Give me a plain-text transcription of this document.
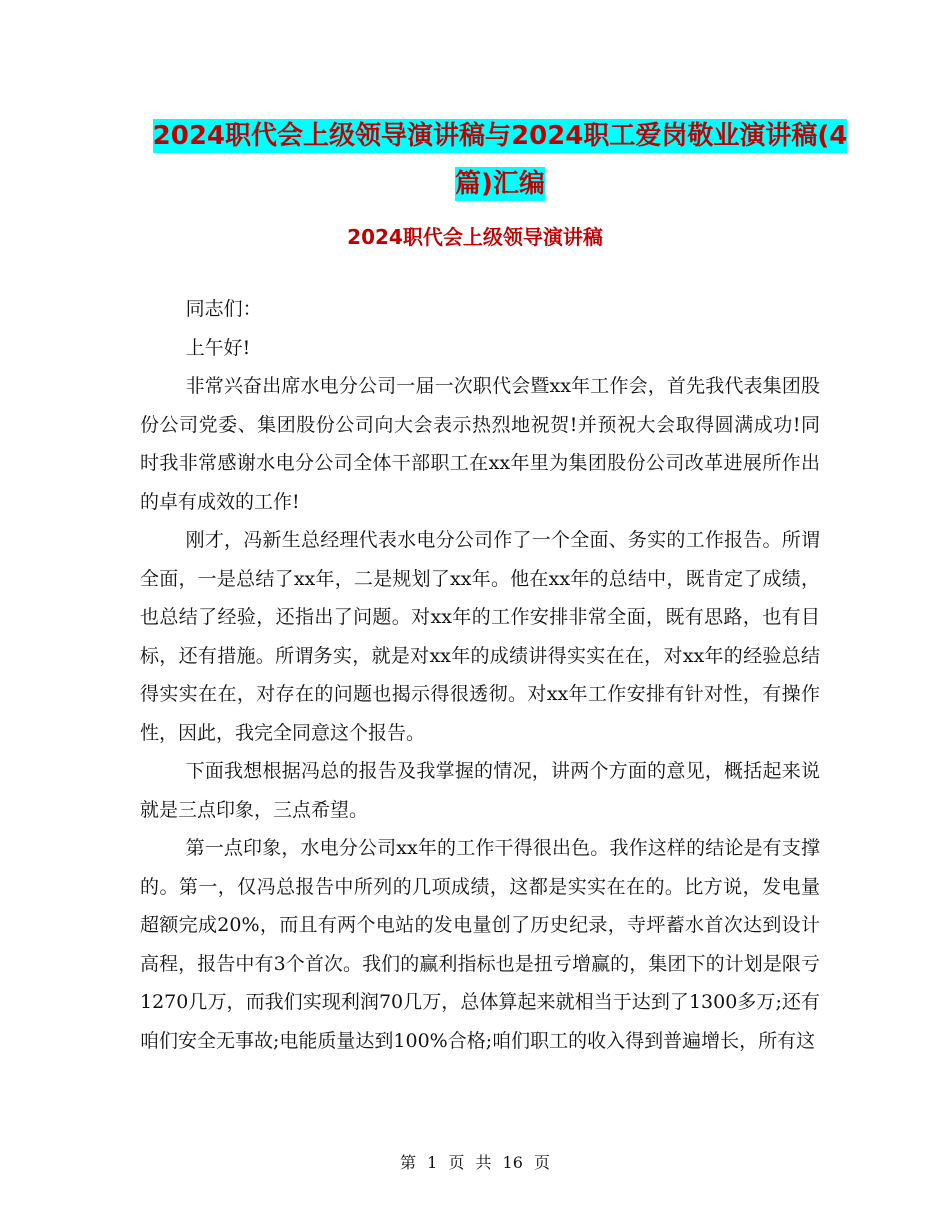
2024职代会上级领导演讲稿与2024职工爱岗敬业演讲稿(4篇)汇编
2024职代会上级领导演讲稿

同志们：

上午好!

非常兴奋出席水电分公司一届一次职代会暨xx年工作会，首先我代表集团股份公司党委、集团股份公司向大会表示热烈地祝贺!并预祝大会取得圆满成功!同时我非常感谢水电分公司全体干部职工在xx年里为集团股份公司改革进展所作出的卓有成效的工作!

刚才，冯新生总经理代表水电分公司作了一个全面、务实的工作报告。所谓全面，一是总结了xx年，二是规划了xx年。他在xx年的总结中，既肯定了成绩，也总结了经验，还指出了问题。对xx年的工作安排非常全面，既有思路，也有目标，还有措施。所谓务实，就是对xx年的成绩讲得实实在在，对xx年的经验总结得实实在在，对存在的问题也揭示得很透彻。对xx年工作安排有针对性，有操作性，因此，我完全同意这个报告。

下面我想根据冯总的报告及我掌握的情况，讲两个方面的意见，概括起来说就是三点印象，三点希望。

第一点印象，水电分公司xx年的工作干得很出色。我作这样的结论是有支撑的。第一，仅冯总报告中所列的几项成绩，这都是实实在在的。比方说，发电量超额完成20%，而且有两个电站的发电量创了历史纪录，寺坪蓄水首次达到设计高程，报告中有3个首次。我们的赢利指标也是扭亏增赢的，集团下的计划是限亏1270几万，而我们实现利润70几万，总体算起来就相当于达到了1300多万;还有咱们安全无事故;电能质量达到100%合格;咱们职工的收入得到普遍增长，所有这

第 1 页 共 16 页
